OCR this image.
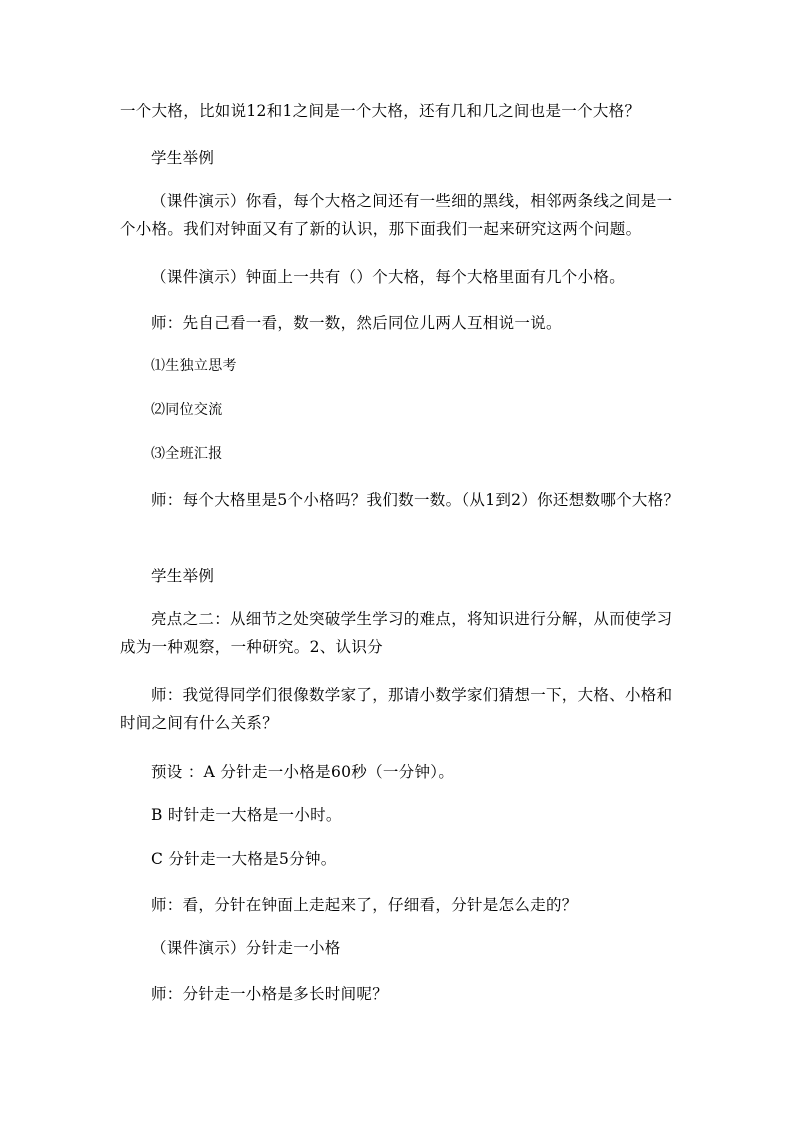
一个大格，比如说12和1之间是一个大格，还有几和几之间也是一个大格？

学生举例

（课件演示）你看，每个大格之间还有一些细的黑线，相邻两条线之间是一个小格。我们对钟面又有了新的认识，那下面我们一起来研究这两个问题。

（课件演示）钟面上一共有（）个大格，每个大格里面有几个小格。

师：先自己看一看，数一数，然后同位儿两人互相说一说。

⑴生独立思考

⑵同位交流

⑶全班汇报

师：每个大格里是5个小格吗？我们数一数。（从1到2）你还想数哪个大格？

学生举例

亮点之二：从细节之处突破学生学习的难点，将知识进行分解，从而使学习成为一种观察，一种研究。2、认识分

师：我觉得同学们很像数学家了，那请小数学家们猜想一下，大格、小格和时间之间有什么关系？

预设 ：A 分针走一小格是60秒（一分钟）。

B 时针走一大格是一小时。

C 分针走一大格是5分钟。

师：看，分针在钟面上走起来了，仔细看，分针是怎么走的？

（课件演示）分针走一小格

师：分针走一小格是多长时间呢？
